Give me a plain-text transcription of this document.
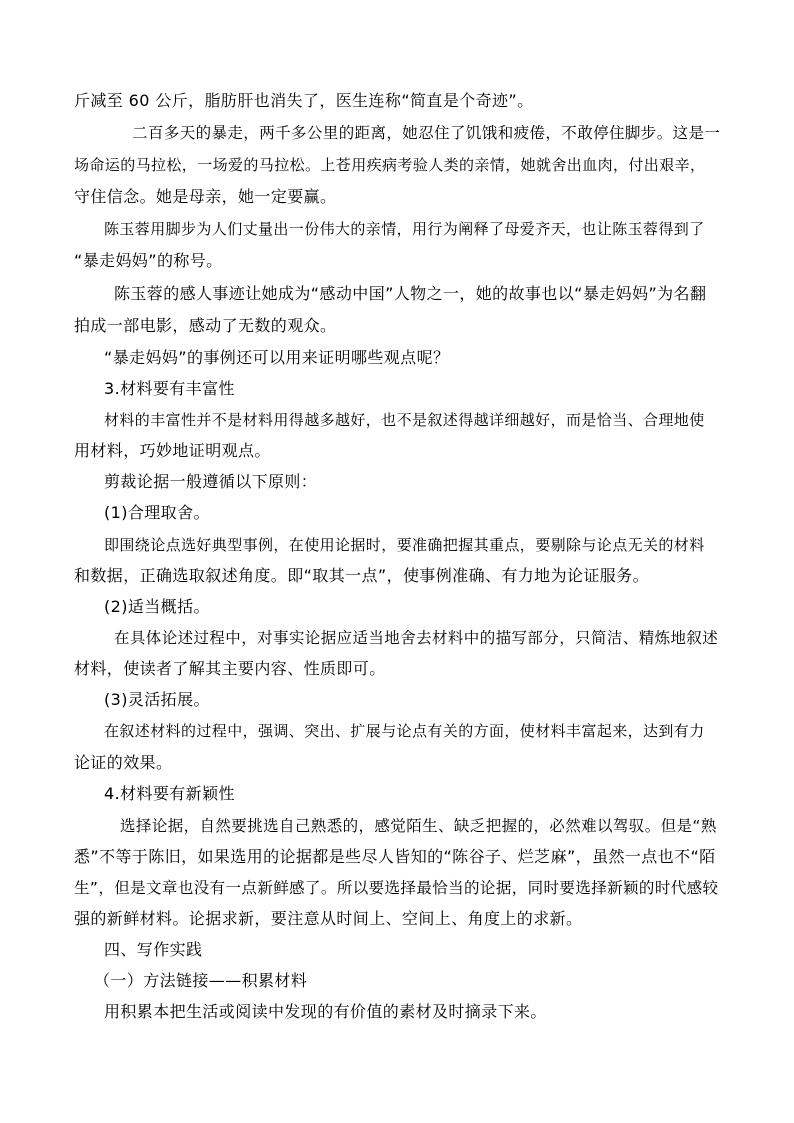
斤减至 60 公斤，脂肪肝也消失了，医生连称“简直是个奇迹”。
二百多天的暴走，两千多公里的距离，她忍住了饥饿和疲倦，不敢停住脚步。这是一
场命运的马拉松，一场爱的马拉松。上苍用疾病考验人类的亲情，她就舍出血肉，付出艰辛，
守住信念。她是母亲，她一定要赢。
陈玉蓉用脚步为人们丈量出一份伟大的亲情，用行为阐释了母爱齐天，也让陈玉蓉得到了
“暴走妈妈”的称号。
陈玉蓉的感人事迹让她成为“感动中国”人物之一，她的故事也以“暴走妈妈”为名翻
拍成一部电影，感动了无数的观众。
“暴走妈妈”的事例还可以用来证明哪些观点呢？
3.材料要有丰富性
材料的丰富性并不是材料用得越多越好，也不是叙述得越详细越好，而是恰当、合理地使
用材料，巧妙地证明观点。
剪裁论据一般遵循以下原则：
(1)合理取舍。
即围绕论点选好典型事例，在使用论据时，要准确把握其重点，要剔除与论点无关的材料
和数据，正确选取叙述角度。即“取其一点”，使事例准确、有力地为论证服务。
(2)适当概括。
在具体论述过程中，对事实论据应适当地舍去材料中的描写部分，只简洁、精炼地叙述
材料，使读者了解其主要内容、性质即可。
(3)灵活拓展。
在叙述材料的过程中，强调、突出、扩展与论点有关的方面，使材料丰富起来，达到有力
论证的效果。
4.材料要有新颖性
选择论据，自然要挑选自己熟悉的，感觉陌生、缺乏把握的，必然难以驾驭。但是“熟
悉”不等于陈旧，如果选用的论据都是些尽人皆知的“陈谷子、烂芝麻”，虽然一点也不“陌
生”，但是文章也没有一点新鲜感了。所以要选择最恰当的论据，同时要选择新颖的时代感较
强的新鲜材料。论据求新，要注意从时间上、空间上、角度上的求新。
四、写作实践
（一）方法链接——积累材料
用积累本把生活或阅读中发现的有价值的素材及时摘录下来。
